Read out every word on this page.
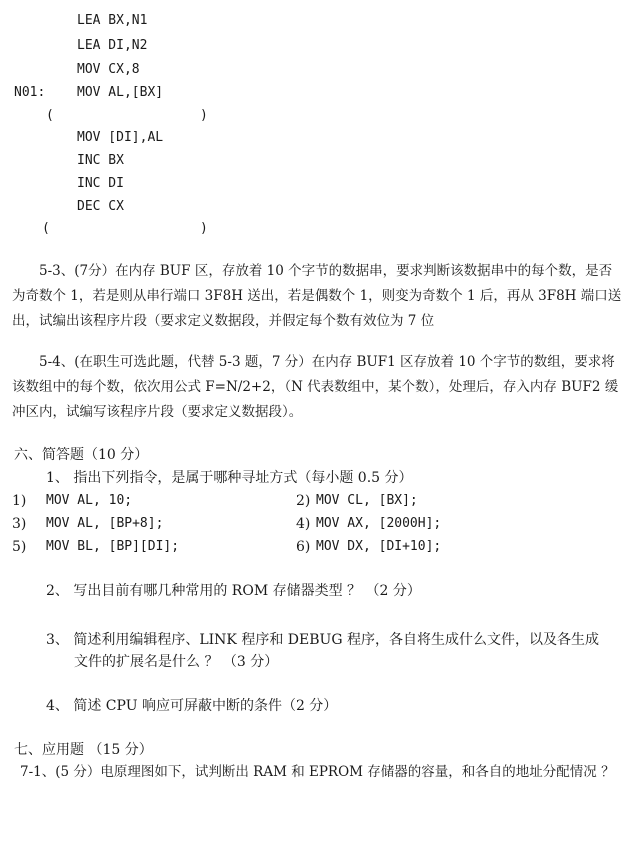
LEA BX,N1
LEA DI,N2
MOV CX,8
N01: MOV AL,[BX]
(	)
MOV [DI],AL
INC BX
INC DI
DEC CX
(	)
5-3、(7分）在内存 BUF 区，存放着 10 个字节的数据串，要求判断该数据串中的每个数，是否为奇数个 1，若是则从串行端口 3F8H 送出，若是偶数个 1，则变为奇数个 1 后，再从 3F8H 端口送出，试编出该程序片段（要求定义数据段，并假定每个数有效位为 7 位
5-4、(在职生可选此题，代替 5-3 题，7 分）在内存 BUF1 区存放着 10 个字节的数组，要求将该数组中的每个数，依次用公式 F=N/2+2，（N 代表数组中，某个数），处理后，存入内存 BUF2 缓冲区内，试编写该程序片段（要求定义数据段）。
六、简答题（10 分）
1、 指出下列指令，是属于哪种寻址方式（每小题 0.5 分）
1) MOV AL, 10;	2) MOV CL, [BX];
3) MOV AL, [BP+8];	4) MOV AX, [2000H];
5) MOV BL, [BP][DI];	6) MOV DX, [DI+10];
2、 写出目前有哪几种常用的 ROM 存储器类型 ？ （2 分）
3、 简述利用编辑程序、LINK 程序和 DEBUG 程序，各自将生成什么文件，以及各生成
文件的扩展名是什么 ？ （3 分）
4、 简述 CPU 响应可屏蔽中断的条件（2 分）
七、应用题 （15 分）
7-1、(5 分）电原理图如下，试判断出 RAM 和 EPROM 存储器的容量，和各自的地址分配情况 ？
